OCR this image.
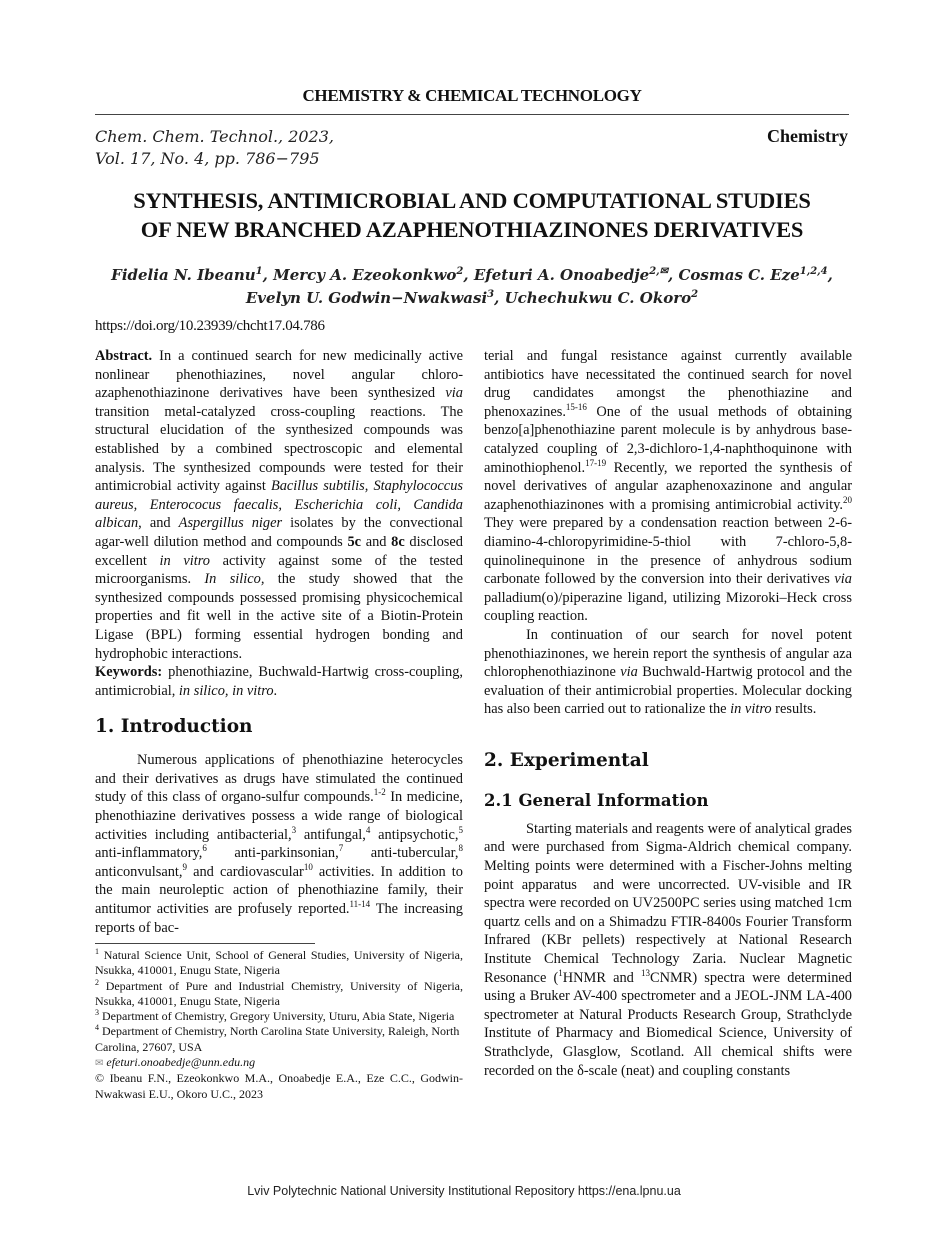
CHEMISTRY & CHEMICAL TECHNOLOGY
Chem. Chem. Technol., 2023,
Vol. 17, No. 4, pp. 786−795
Chemistry
SYNTHESIS, ANTIMICROBIAL AND COMPUTATIONAL STUDIES
OF NEW BRANCHED AZAPHENOTHIAZINONES DERIVATIVES
Fidelia N. Ibeanu$^1$, Mercy A. Ezeokonkwo$^2$, Efeturi A. Onoabedje$^{2,✉}$, Cosmas C. Eze$^{1,2,4}$,
Evelyn U. Godwin−Nwakwasi$^3$, Uchechukwu C. Okoro$^2$
https://doi.org/10.23939/chcht17.04.786

Abstract. In a continued search for new medicinally active nonlinear phenothiazines, novel angular chloro-azaphenothiazinone derivatives have been synthesized via transition metal-catalyzed cross-coupling reactions. The structural elucidation of the synthesized compounds was established by a combined spectroscopic and elemental analysis. The synthesized compounds were tested for their antimicrobial activity against Bacillus subtilis, Staphylococcus aureus, Enterococus faecalis, Escherichia coli, Candida albican, and Aspergillus niger isolates by the convectional agar-well dilution method and compounds 5c and 8c disclosed excellent in vitro activity against some of the tested microorganisms. In silico, the study showed that the synthesized compounds possessed promising physicochemical properties and fit well in the active site of a Biotin-Protein Ligase (BPL) forming essential hydrogen bonding and hydrophobic interactions.

Keywords: phenothiazine, Buchwald-Hartwig cross-coupling, antimicrobial, in silico, in vitro.

1. Introduction

Numerous applications of phenothiazine heterocycles and their derivatives as drugs have stimulated the continued study of this class of organo-sulfur compounds.$^{1-2}$ In medicine, phenothiazine derivatives possess a wide range of biological activities including antibacterial,$^3$ antifungal,$^4$ antipsychotic,$^5$ anti-inflammatory,$^6$ anti-parkinsonian,$^7$ anti-tubercular,$^8$ anticonvulsant,$^9$ and cardiovascular$^{10}$ activities. In addition to the main neuroleptic action of phenothiazine family, their antitumor activities are profusely reported.$^{11-14}$ The increasing reports of bac-

$^1$ Natural Science Unit, School of General Studies, University of Nigeria, Nsukka, 410001, Enugu State, Nigeria

$^2$ Department of Pure and Industrial Chemistry, University of Nigeria, Nsukka, 410001, Enugu State, Nigeria

$^3$ Department of Chemistry, Gregory University, Uturu, Abia State, Nigeria

$^4$ Department of Chemistry, North Carolina State University, Raleigh, North Carolina, 27607, USA

✉ efeturi.onoabedje@unn.edu.ng

© Ibeanu F.N., Ezeokonkwo M.A., Onoabedje E.A., Eze C.C., Godwin-Nwakwasi E.U., Okoro U.C., 2023

terial and fungal resistance against currently available antibiotics have necessitated the continued search for novel drug candidates amongst the phenothiazine and phenoxazines.$^{15-16}$ One of the usual methods of obtaining benzo[a]phenothiazine parent molecule is by anhydrous base-catalyzed coupling of 2,3-dichloro-1,4-naphthoquinone with aminothiophenol.$^{17-19}$ Recently, we reported the synthesis of novel derivatives of angular azaphenoxazinone and angular azaphenothiazinones with a promising antimicrobial activity.$^{20}$ They were prepared by a condensation reaction between 2-6-diamino-4-chloropyrimidine-5-thiol with 7-chloro-5,8-quinolinequinone in the presence of anhydrous sodium carbonate followed by the conversion into their derivatives via palladium(o)/piperazine ligand, utilizing Mizoroki–Heck cross coupling reaction.

In continuation of our search for novel potent phenothiazinones, we herein report the synthesis of angular aza chlorophenothiazinone via Buchwald-Hartwig protocol and the evaluation of their antimicrobial properties. Molecular docking has also been carried out to rationalize the in vitro results.

2. Experimental
2.1 General Information

Starting materials and reagents were of analytical grades and were purchased from Sigma-Aldrich chemical company. Melting points were determined with a Fischer-Johns melting point apparatus  and were uncorrected. UV-visible and IR spectra were recorded on UV2500PC series using matched 1cm quartz cells and on a Shimadzu FTIR-8400s Fourier Transform Infrared (KBr pellets) respectively at National Research Institute Chemical Technology Zaria. Nuclear Magnetic Resonance ($^1$HNMR and $^{13}$CNMR) spectra were determined using a Bruker AV-400 spectrometer and a JEOL-JNM LA-400 spectrometer at Natural Products Research Group, Strathclyde Institute of Pharmacy and Biomedical Science, University of Strathclyde, Glasglow, Scotland. All chemical shifts were recorded on the δ-scale (neat) and coupling constants

Lviv Polytechnic National University Institutional Repository https://ena.lpnu.ua
